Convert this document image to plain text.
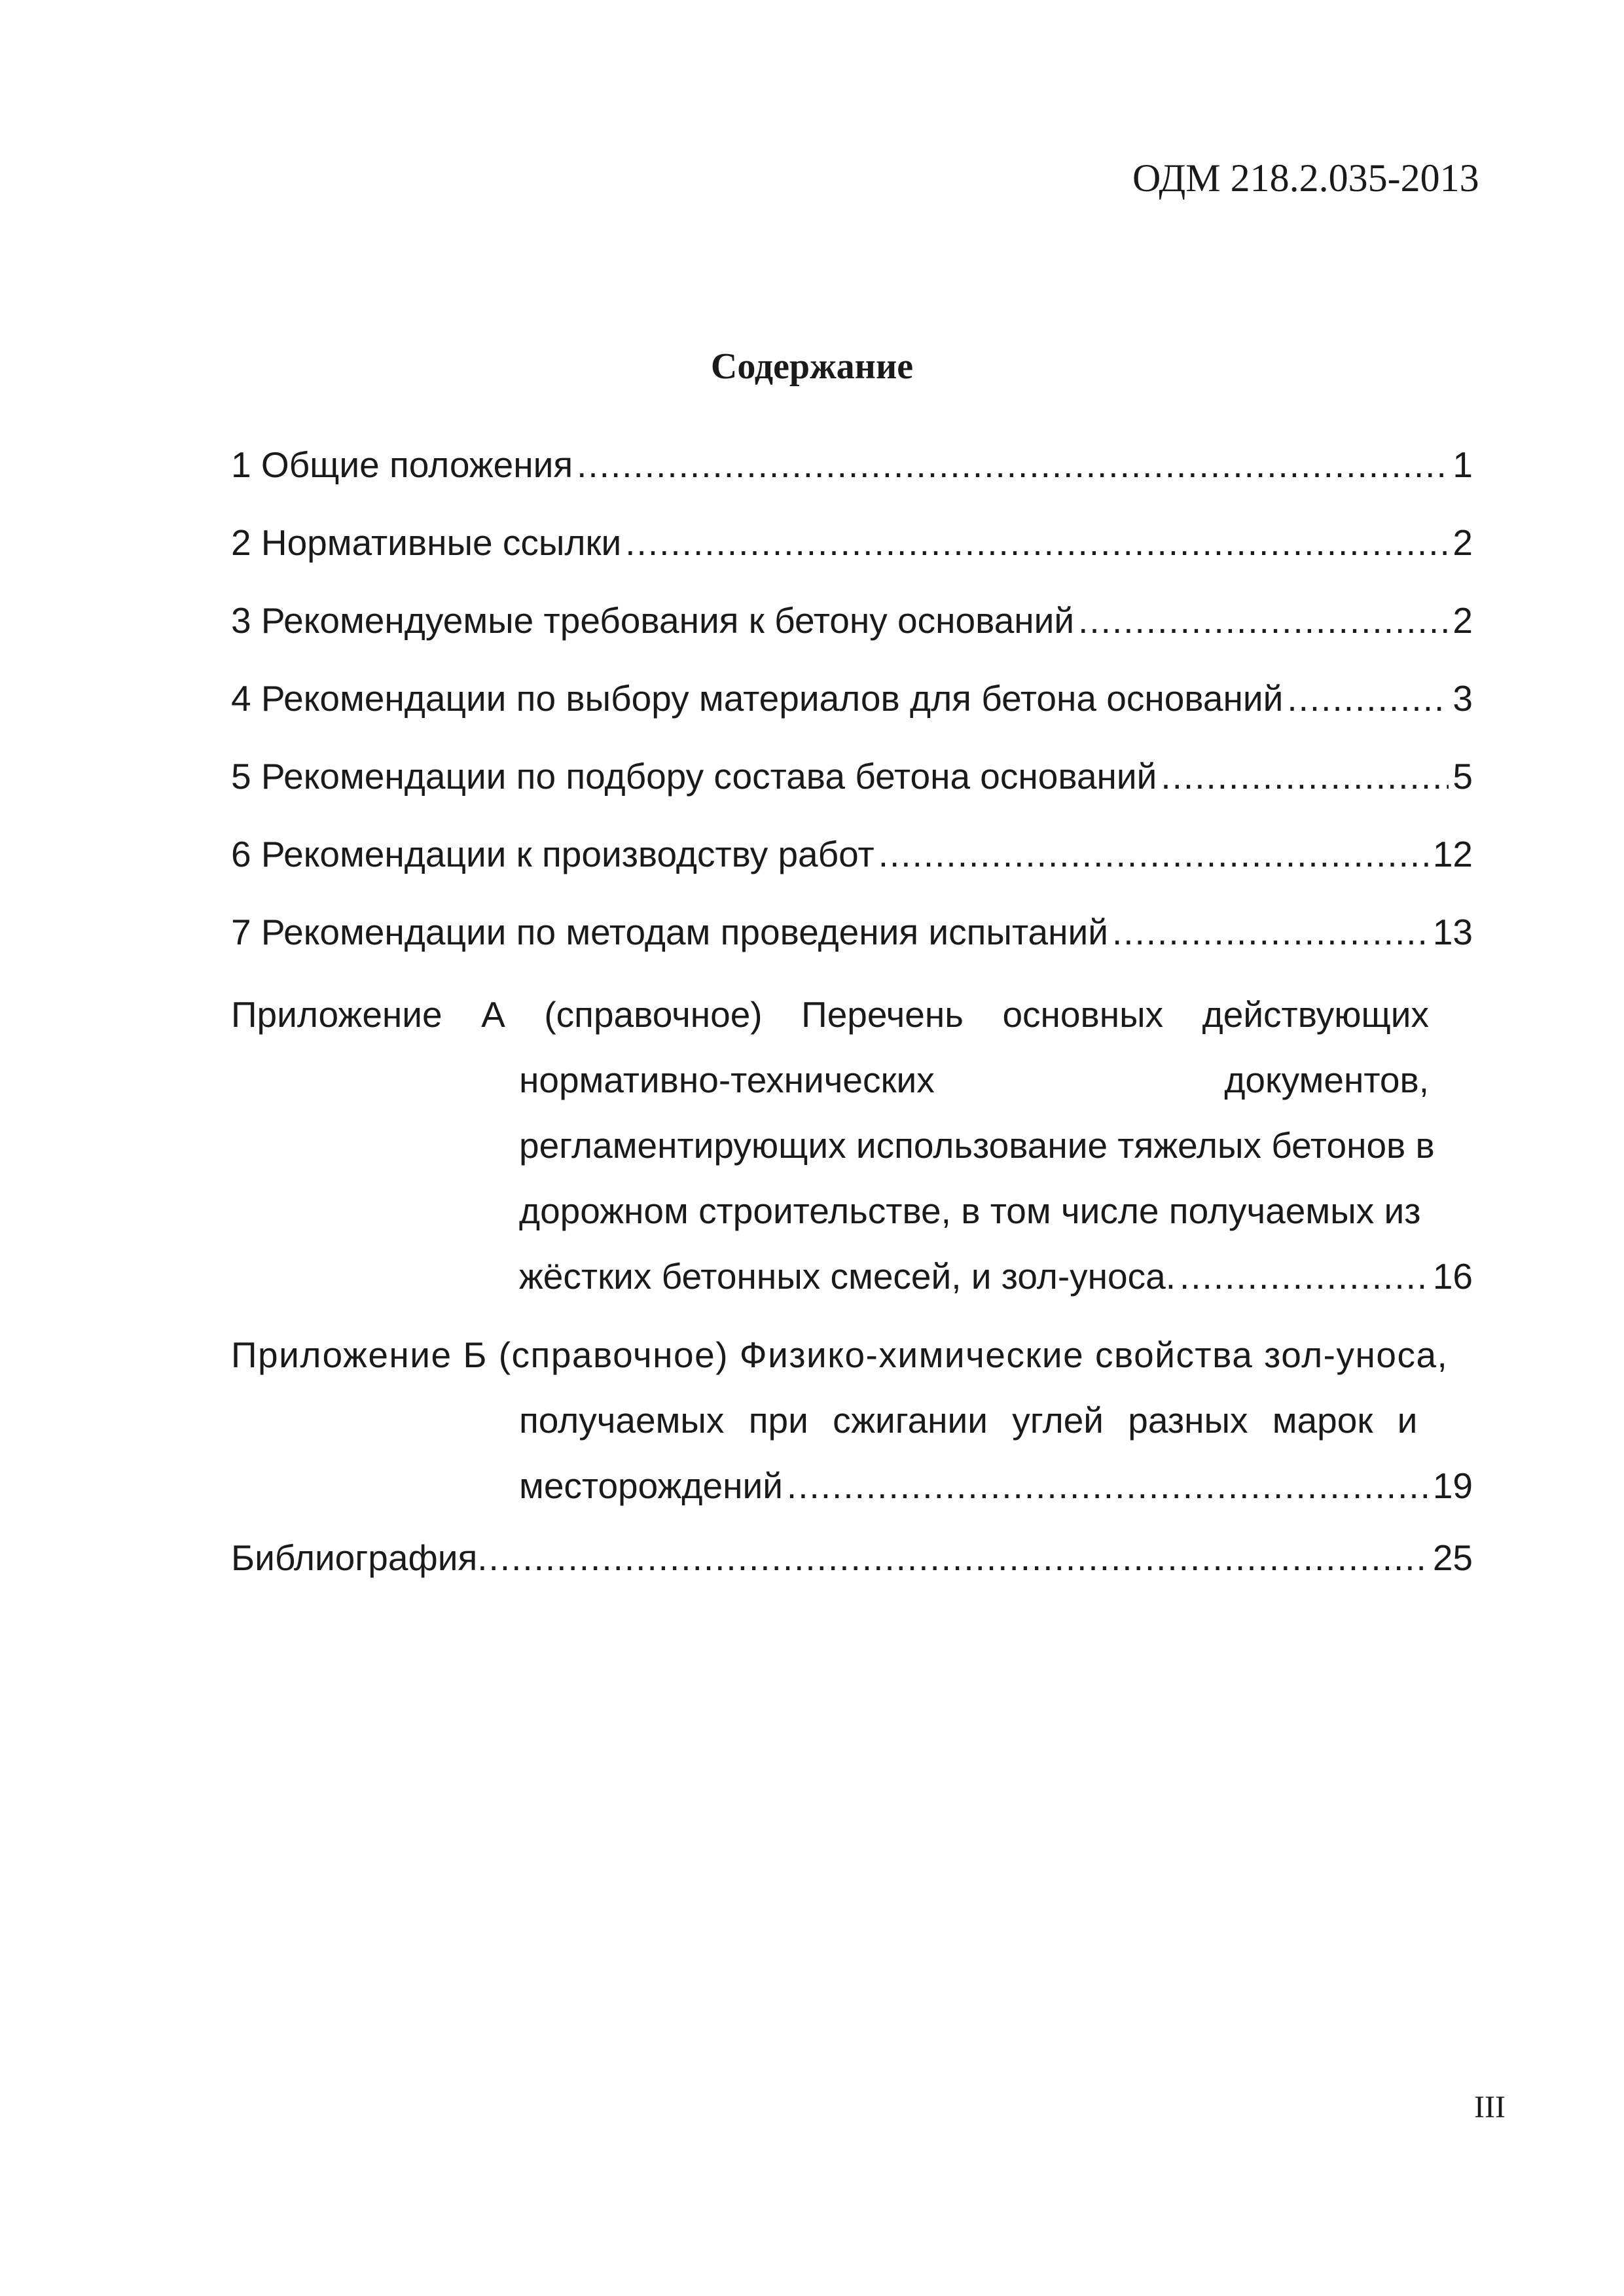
ОДМ 218.2.035-2013
Содержание
1 Общие положения .....	1
2 Нормативные ссылки .....	2
3 Рекомендуемые требования к бетону оснований .....	2
4 Рекомендации по выбору материалов для бетона оснований .....	3
5 Рекомендации по подбору состава бетона оснований .....	5
6 Рекомендации к производству работ .....	12
7 Рекомендации по методам проведения испытаний .....	13
Приложение А (справочное) Перечень основных действующих
нормативно-технических	документов,
регламентирующих использование тяжелых бетонов в
дорожном строительстве, в том числе получаемых из
жёстких бетонных смесей, и зол-уноса. .....	16
Приложение Б (справочное) Физико-химические свойства зол-уноса,
получаемых при сжигании углей разных марок и
месторождений .....	19
Библиография .....	25
III
